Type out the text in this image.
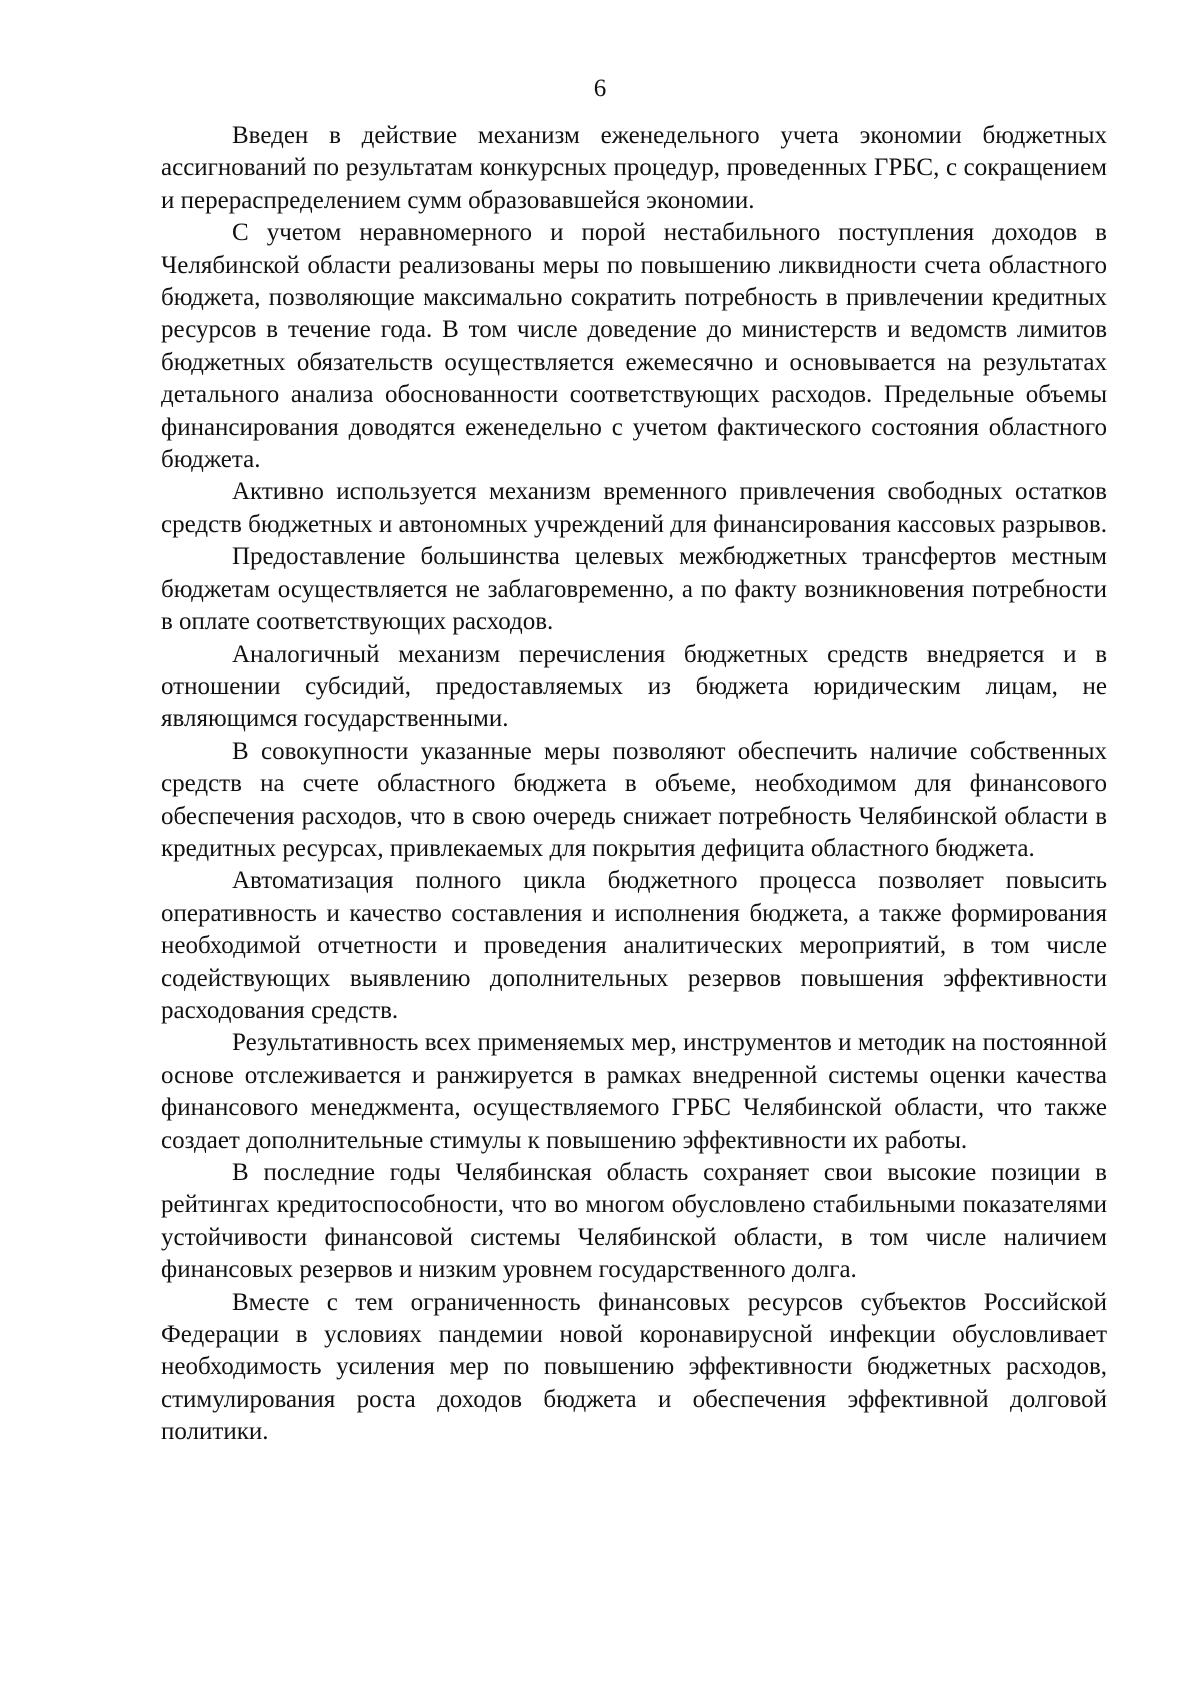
6

Введен в действие механизм еженедельного учета экономии бюджетных ассигнований по результатам конкурсных процедур, проведенных ГРБС, с сокращением и перераспределением сумм образовавшейся экономии.

С учетом неравномерного и порой нестабильного поступления доходов в Челябинской области реализованы меры по повышению ликвидности счета областного бюджета, позволяющие максимально сократить потребность в привлечении кредитных ресурсов в течение года. В том числе доведение до министерств и ведомств лимитов бюджетных обязательств осуществляется ежемесячно и основывается на результатах детального анализа обоснованности соответствующих расходов. Предельные объемы финансирования доводятся еженедельно с учетом фактического состояния областного бюджета.

Активно используется механизм временного привлечения свободных остатков средств бюджетных и автономных учреждений для финансирования кассовых разрывов.

Предоставление большинства целевых межбюджетных трансфертов местным бюджетам осуществляется не заблаговременно, а по факту возникновения потребности в оплате соответствующих расходов.

Аналогичный механизм перечисления бюджетных средств внедряется и в отношении субсидий, предоставляемых из бюджета юридическим лицам, не являющимся государственными.

В совокупности указанные меры позволяют обеспечить наличие собственных средств на счете областного бюджета в объеме, необходимом для финансового обеспечения расходов, что в свою очередь снижает потребность Челябинской области в кредитных ресурсах, привлекаемых для покрытия дефицита областного бюджета.

Автоматизация полного цикла бюджетного процесса позволяет повысить оперативность и качество составления и исполнения бюджета, а также формирования необходимой отчетности и проведения аналитических мероприятий, в том числе содействующих выявлению дополнительных резервов повышения эффективности расходования средств.

Результативность всех применяемых мер, инструментов и методик на постоянной основе отслеживается и ранжируется в рамках внедренной системы оценки качества финансового менеджмента, осуществляемого ГРБС Челябинской области, что также создает дополнительные стимулы к повышению эффективности их работы.

В последние годы Челябинская область сохраняет свои высокие позиции в рейтингах кредитоспособности, что во многом обусловлено стабильными показателями устойчивости финансовой системы Челябинской области, в том числе наличием финансовых резервов и низким уровнем государственного долга.

Вместе с тем ограниченность финансовых ресурсов субъектов Российской Федерации в условиях пандемии новой коронавирусной инфекции обусловливает необходимость усиления мер по повышению эффективности бюджетных расходов, стимулирования роста доходов бюджета и обеспечения эффективной долговой политики.
